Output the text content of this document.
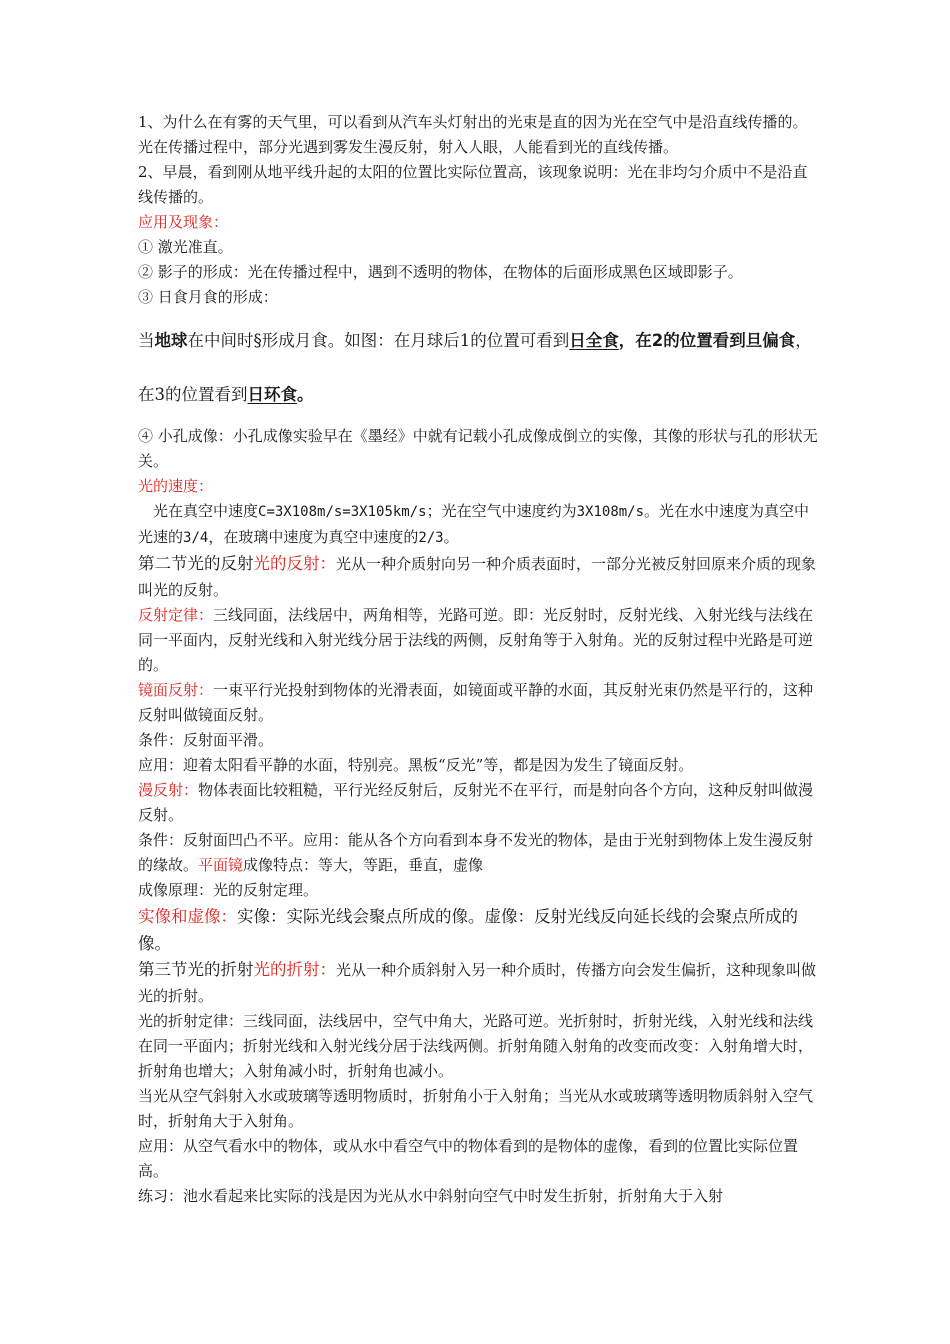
1、为什么在有雾的天气里，可以看到从汽车头灯射出的光束是直的因为光在空气中是沿直线传播的。光在传播过程中，部分光遇到雾发生漫反射，射入人眼，人能看到光的直线传播。

2、早晨，看到刚从地平线升起的太阳的位置比实际位置高，该现象说明：光在非均匀介质中不是沿直线传播的。

应用及现象：

① 激光准直。

② 影子的形成：光在传播过程中，遇到不透明的物体，在物体的后面形成黑色区域即影子。

③ 日食月食的形成：

当地球在中间时§形成月食。如图：在月球后1的位置可看到日全食，在2的位置看到旦偏食，在3的位置看到日环食。

④ 小孔成像：小孔成像实验早在《墨经》中就有记载小孔成像成倒立的实像，其像的形状与孔的形状无关。

光的速度：

光在真空中速度C=3X108m/s=3X105km/s；光在空气中速度约为3X108m/s。光在水中速度为真空中光速的3/4，在玻璃中速度为真空中速度的2/3。

第二节光的反射光的反射：光从一种介质射向另一种介质表面时，一部分光被反射回原来介质的现象叫光的反射。

反射定律：三线同面，法线居中，两角相等，光路可逆。即：光反射时，反射光线、入射光线与法线在同一平面内，反射光线和入射光线分居于法线的两侧，反射角等于入射角。光的反射过程中光路是可逆的。

镜面反射：一束平行光投射到物体的光滑表面，如镜面或平静的水面，其反射光束仍然是平行的，这种反射叫做镜面反射。

条件：反射面平滑。

应用：迎着太阳看平静的水面，特别亮。黑板“反光”等，都是因为发生了镜面反射。

漫反射：物体表面比较粗糙，平行光经反射后，反射光不在平行，而是射向各个方向，这种反射叫做漫反射。

条件：反射面凹凸不平。应用：能从各个方向看到本身不发光的物体，是由于光射到物体上发生漫反射的缘故。平面镜成像特点：等大，等距，垂直，虚像

成像原理：光的反射定理。

实像和虚像：实像：实际光线会聚点所成的像。虚像：反射光线反向延长线的会聚点所成的像。

第三节光的折射光的折射：光从一种介质斜射入另一种介质时，传播方向会发生偏折，这种现象叫做光的折射。

光的折射定律：三线同面，法线居中，空气中角大，光路可逆。光折射时，折射光线，入射光线和法线在同一平面内；折射光线和入射光线分居于法线两侧。折射角随入射角的改变而改变：入射角增大时，折射角也增大；入射角减小时，折射角也减小。

当光从空气斜射入水或玻璃等透明物质时，折射角小于入射角；当光从水或玻璃等透明物质斜射入空气时，折射角大于入射角。

应用：从空气看水中的物体，或从水中看空气中的物体看到的是物体的虚像，看到的位置比实际位置高。

练习：池水看起来比实际的浅是因为光从水中斜射向空气中时发生折射，折射角大于入射
